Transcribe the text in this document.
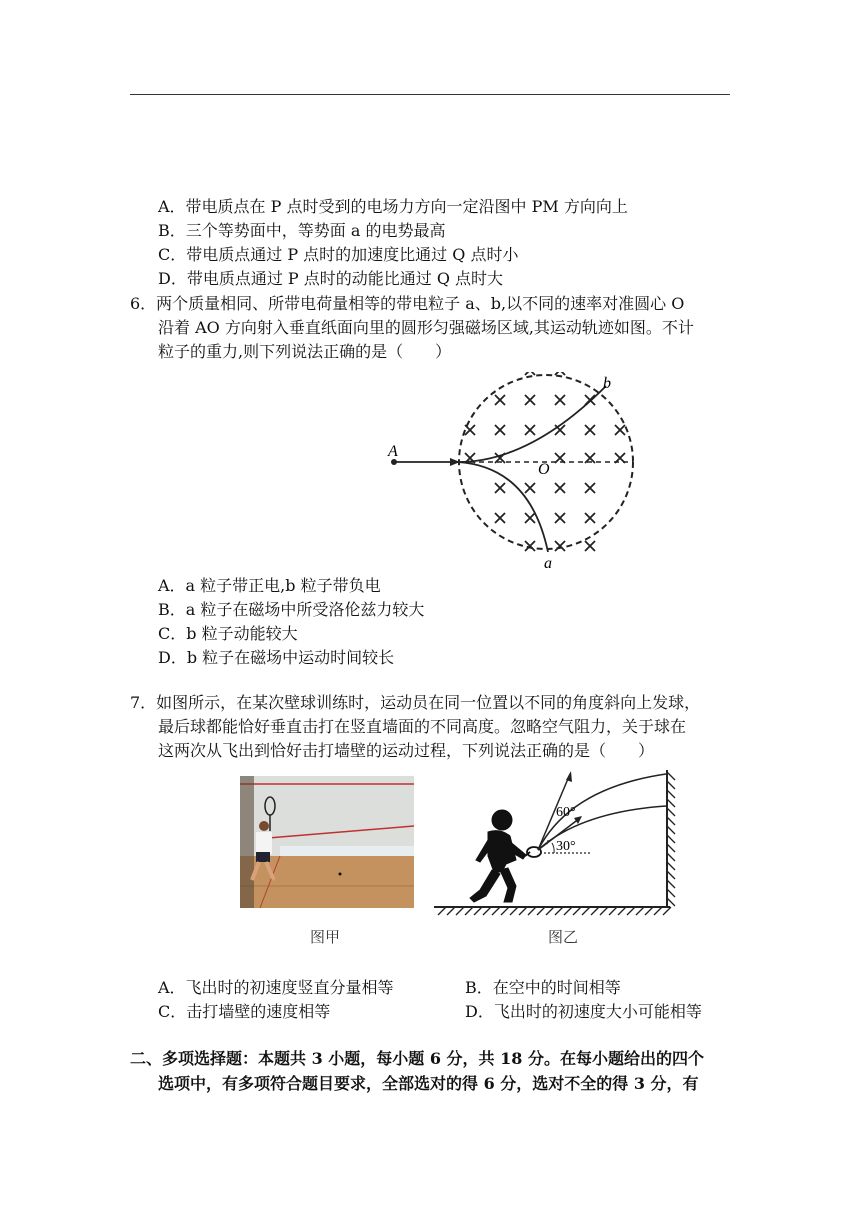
A．带电质点在 P 点时受到的电场力方向一定沿图中 PM 方向向上
B．三个等势面中，等势面 a 的电势最高
C．带电质点通过 P 点时的加速度比通过 Q 点时小
D．带电质点通过 P 点时的动能比通过 Q 点时大
6．两个质量相同、所带电荷量相等的带电粒子 a、b,以不同的速率对准圆心 O
沿着 AO 方向射入垂直纸面向里的圆形匀强磁场区域,其运动轨迹如图。不计
粒子的重力,则下列说法正确的是（　　）
A
O
b
a
A．a 粒子带正电,b 粒子带负电
B．a 粒子在磁场中所受洛伦兹力较大
C．b 粒子动能较大
D．b 粒子在磁场中运动时间较长
7．如图所示，在某次壁球训练时，运动员在同一位置以不同的角度斜向上发球，
最后球都能恰好垂直击打在竖直墙面的不同高度。忽略空气阻力，关于球在
这两次从飞出到恰好击打墙壁的运动过程，下列说法正确的是（　　）
图甲
60°
30°
图乙
A．飞出时的初速度竖直分量相等	B．在空中的时间相等
C．击打墙壁的速度相等	D．飞出时的初速度大小可能相等
二、多项选择题：本题共 3 小题，每小题 6 分，共 18 分。在每小题给出的四个
选项中，有多项符合题目要求，全部选对的得 6 分，选对不全的得 3 分，有
